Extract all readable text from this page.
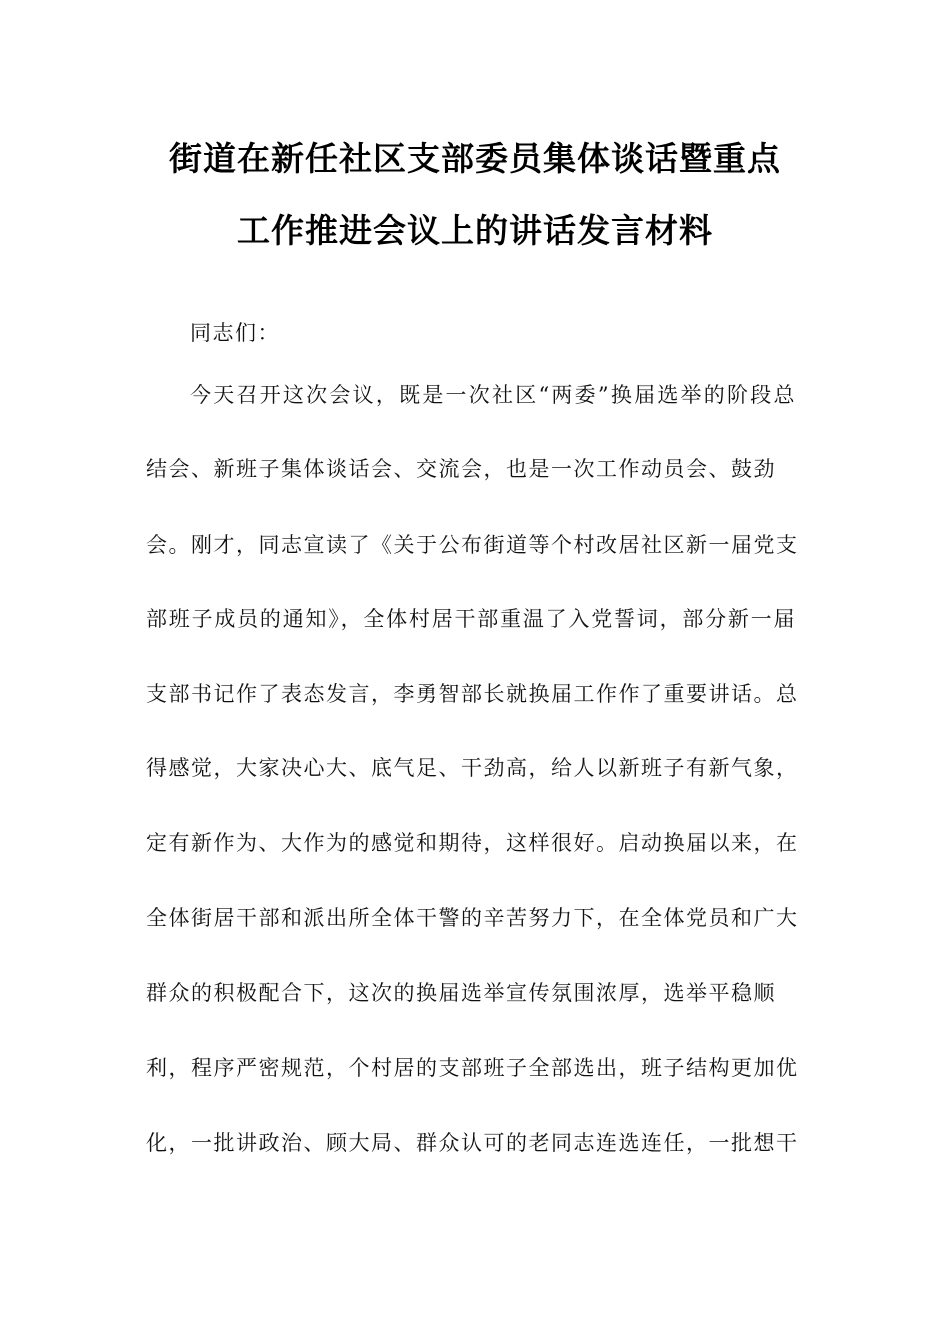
街道在新任社区支部委员集体谈话暨重点
工作推进会议上的讲话发言材料
同志们：
今天召开这次会议，既是一次社区“两委”换届选举的阶段总
结会、新班子集体谈话会、交流会，也是一次工作动员会、鼓劲
会。刚才，同志宣读了《关于公布街道等个村改居社区新一届党支
部班子成员的通知》，全体村居干部重温了入党誓词，部分新一届
支部书记作了表态发言，李勇智部长就换届工作作了重要讲话。总
得感觉，大家决心大、底气足、干劲高，给人以新班子有新气象，
定有新作为、大作为的感觉和期待，这样很好。启动换届以来，在
全体街居干部和派出所全体干警的辛苦努力下，在全体党员和广大
群众的积极配合下，这次的换届选举宣传氛围浓厚，选举平稳顺
利，程序严密规范，个村居的支部班子全部选出，班子结构更加优
化，一批讲政治、顾大局、群众认可的老同志连选连任，一批想干
